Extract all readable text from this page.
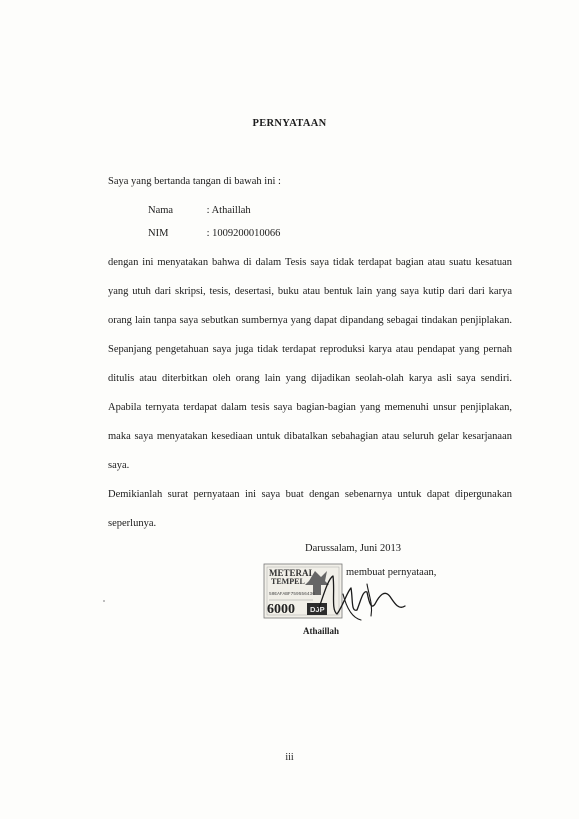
PERNYATAAN
Saya yang bertanda tangan di bawah ini :
Nama	: Athaillah
NIM	: 1009200010066

dengan ini menyatakan bahwa di dalam Tesis saya tidak terdapat bagian atau suatu kesatuan yang utuh dari skripsi, tesis, desertasi, buku atau bentuk lain yang saya kutip dari dari karya orang lain tanpa saya sebutkan sumbernya yang dapat dipandang sebagai tindakan penjiplakan. Sepanjang pengetahuan saya juga tidak terdapat reproduksi karya atau pendapat yang pernah ditulis atau diterbitkan oleh orang lain yang dijadikan seolah-olah karya asli saya sendiri. Apabila ternyata terdapat dalam tesis saya bagian-bagian yang memenuhi unsur penjiplakan, maka saya menyatakan kesediaan untuk dibatalkan sebahagian atau seluruh gelar kesarjanaan saya.

Demikianlah surat pernyataan ini saya buat dengan sebenarnya untuk dapat dipergunakan seperlunya.

Darussalam, Juni 2013
METERAI
TEMPEL
50EAFABF759556436
6000 DJP
membuat pernyataan,
Athaillah
iii
